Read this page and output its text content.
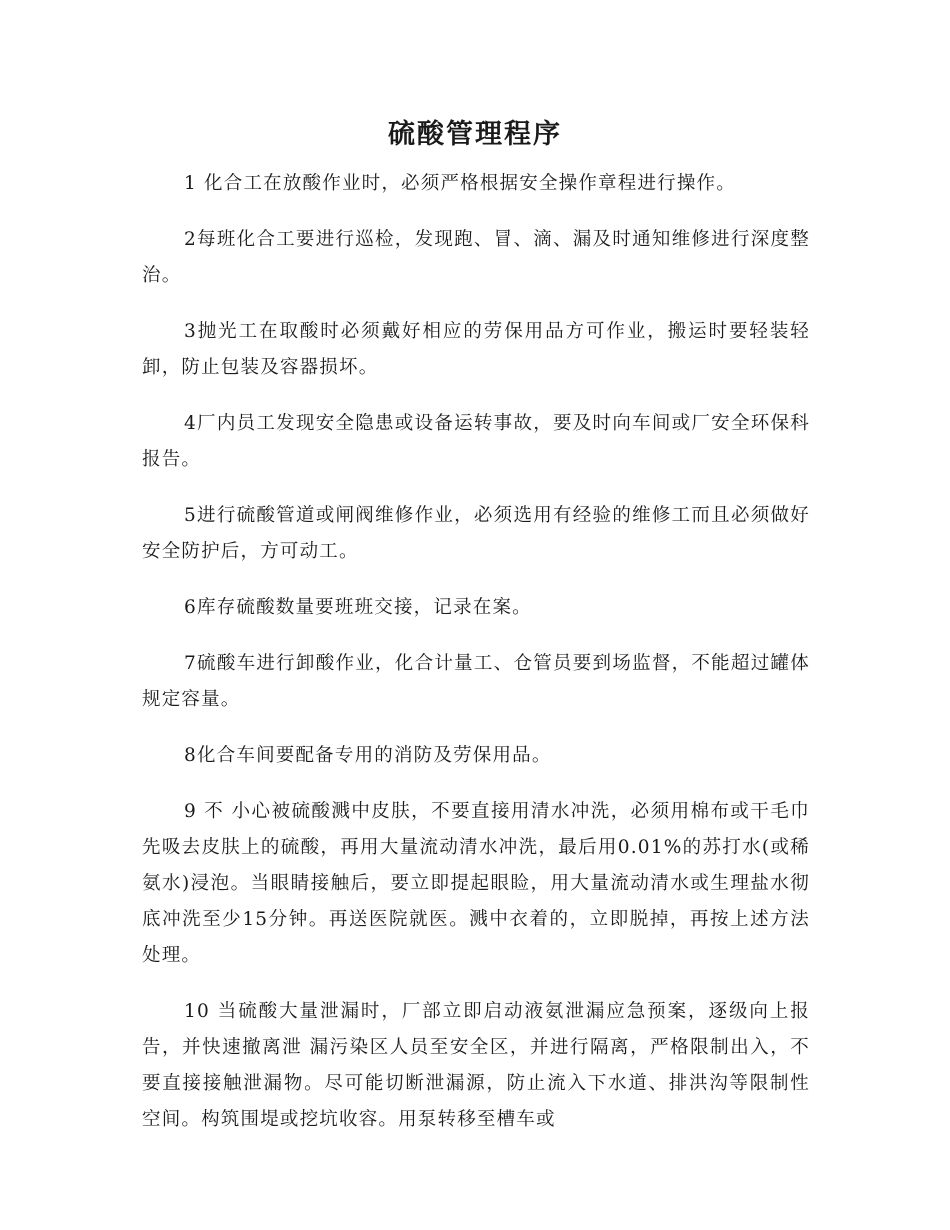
硫酸管理程序

1 化合工在放酸作业时，必须严格根据安全操作章程进行操作。

2每班化合工要进行巡检，发现跑、冒、滴、漏及时通知维修进行深度整治。

3抛光工在取酸时必须戴好相应的劳保用品方可作业，搬运时要轻装轻卸，防止包装及容器损坏。

4厂内员工发现安全隐患或设备运转事故，要及时向车间或厂安全环保科报告。

5进行硫酸管道或闸阀维修作业，必须选用有经验的维修工而且必须做好安全防护后，方可动工。

6库存硫酸数量要班班交接，记录在案。

7硫酸车进行卸酸作业，化合计量工、仓管员要到场监督，不能超过罐体规定容量。

8化合车间要配备专用的消防及劳保用品。

9 不 小心被硫酸溅中皮肤，不要直接用清水冲洗，必须用棉布或干毛巾先吸去皮肤上的硫酸，再用大量流动清水冲洗，最后用0.01%的苏打水(或稀氨水)浸泡。当眼睛接触后，要立即提起眼睑，用大量流动清水或生理盐水彻底冲洗至少15分钟。再送医院就医。溅中衣着的，立即脱掉，再按上述方法处理。

10 当硫酸大量泄漏时，厂部立即启动液氨泄漏应急预案，逐级向上报告，并快速撤离泄 漏污染区人员至安全区，并进行隔离，严格限制出入，不要直接接触泄漏物。尽可能切断泄漏源，防止流入下水道、排洪沟等限制性空间。构筑围堤或挖坑收容。用泵转移至槽车或
